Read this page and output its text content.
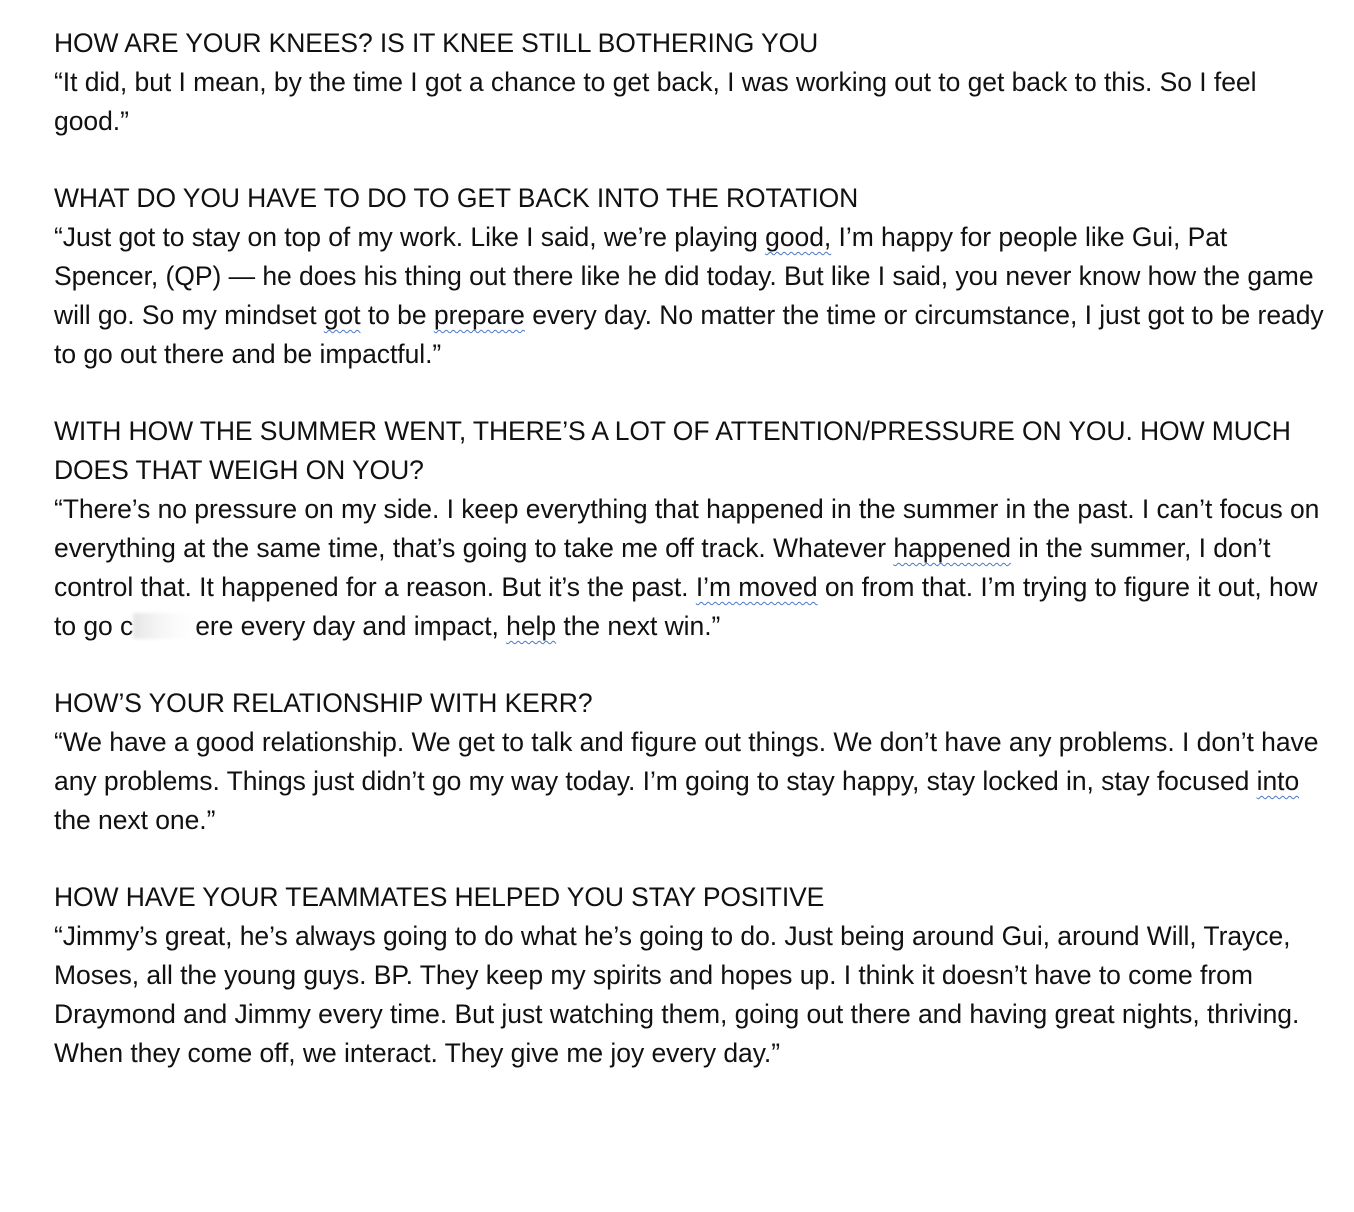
HOW ARE YOUR KNEES? IS IT KNEE STILL BOTHERING YOU

“It did, but I mean, by the time I got a chance to get back, I was working out to get back to this. So I feel good.”

WHAT DO YOU HAVE TO DO TO GET BACK INTO THE ROTATION

“Just got to stay on top of my work. Like I said, we’re playing good, I’m happy for people like Gui, Pat Spencer, (QP) — he does his thing out there like he did today. But like I said, you never know how the game will go. So my mindset got to be prepare every day. No matter the time or circumstance, I just got to be ready to go out there and be impactful.”

WITH HOW THE SUMMER WENT, THERE’S A LOT OF ATTENTION/PRESSURE ON YOU. HOW MUCH DOES THAT WEIGH ON YOU?

“There’s no pressure on my side. I keep everything that happened in the summer in the past. I can’t focus on everything at the same time, that’s going to take me off track. Whatever happened in the summer, I don’t control that. It happened for a reason. But it’s the past. I’m moved on from that. I’m trying to figure it out, how to go c ere every day and impact, help the next win.”

HOW’S YOUR RELATIONSHIP WITH KERR?

“We have a good relationship. We get to talk and figure out things. We don’t have any problems. I don’t have any problems. Things just didn’t go my way today. I’m going to stay happy, stay locked in, stay focused into the next one.”

HOW HAVE YOUR TEAMMATES HELPED YOU STAY POSITIVE

“Jimmy’s great, he’s always going to do what he’s going to do. Just being around Gui, around Will, Trayce, Moses, all the young guys. BP. They keep my spirits and hopes up. I think it doesn’t have to come from Draymond and Jimmy every time. But just watching them, going out there and having great nights, thriving. When they come off, we interact. They give me joy every day.”
